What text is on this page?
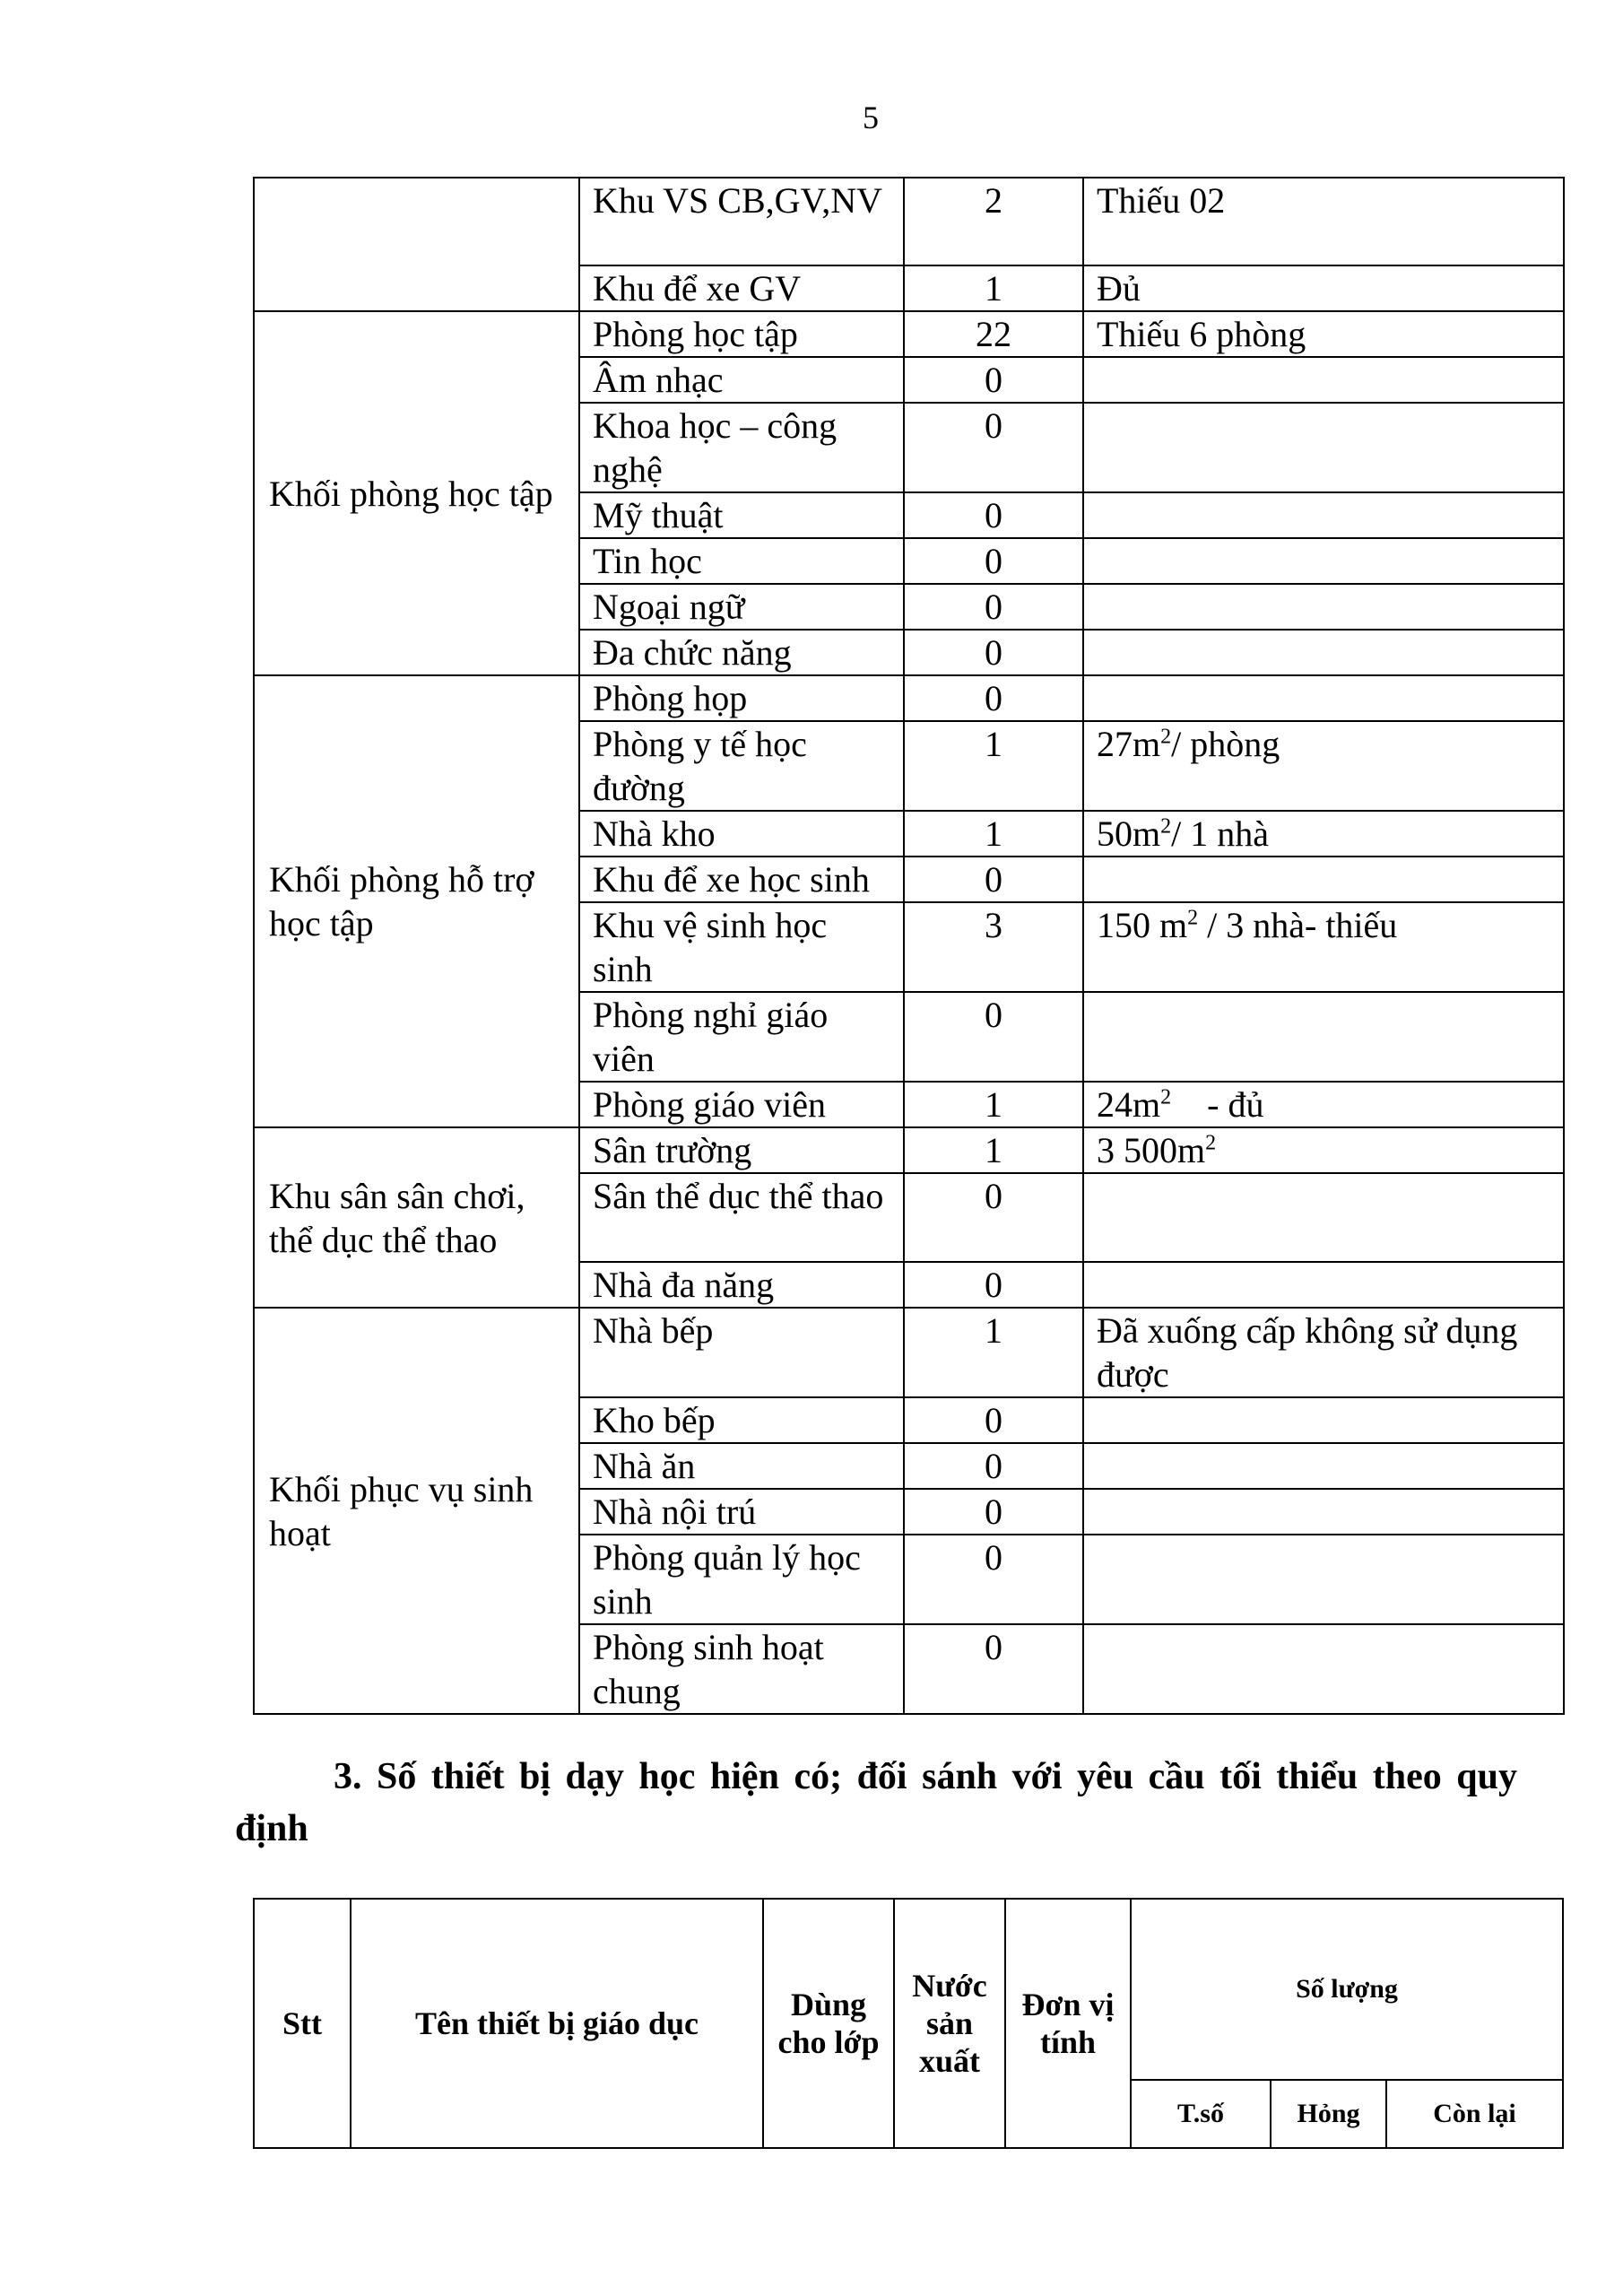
5
	Khu VS CB,GV,NV	2	Thiếu 02
	Khu để xe GV	1	Đủ
Khối phòng học tập	Phòng học tập	22	Thiếu 6 phòng
	Âm nhạc	0	
	Khoa học – công nghệ	0	
	Mỹ thuật	0	
	Tin học	0	
	Ngoại ngữ	0	
	Đa chức năng	0	
Khối phòng hỗ trợ học tập	Phòng họp	0	
	Phòng y tế học đường	1	$27m^2/$ phòng
	Nhà kho	1	$50m^2/$ 1 nhà
	Khu để xe học sinh	0	
	Khu vệ sinh học sinh	3	150 $m^2 / 3$ nhà- thiếu
	Phòng nghỉ giáo viên	0	
	Phòng giáo viên	1	$24m^2$    - đủ
Khu sân sân chơi, thể dục thể thao	Sân trường	1	3 $500m^2$
	Sân thể dục thể thao	0	
	Nhà đa năng	0	
Khối phục vụ sinh hoạt	Nhà bếp	1	Đã xuống cấp không sử dụng được
	Kho bếp	0	
	Nhà ăn	0	
	Nhà nội trú	0	
	Phòng quản lý học sinh	0	
	Phòng sinh hoạt chung	0	
3. Số thiết bị dạy học hiện có; đối sánh với yêu cầu tối thiểu theo quy
định
Stt	Tên thiết bị giáo dục	Dùng cho lớp	Nước sản xuất	Đơn vị tính	Số lượng		
					T.số	Hỏng	Còn lại
